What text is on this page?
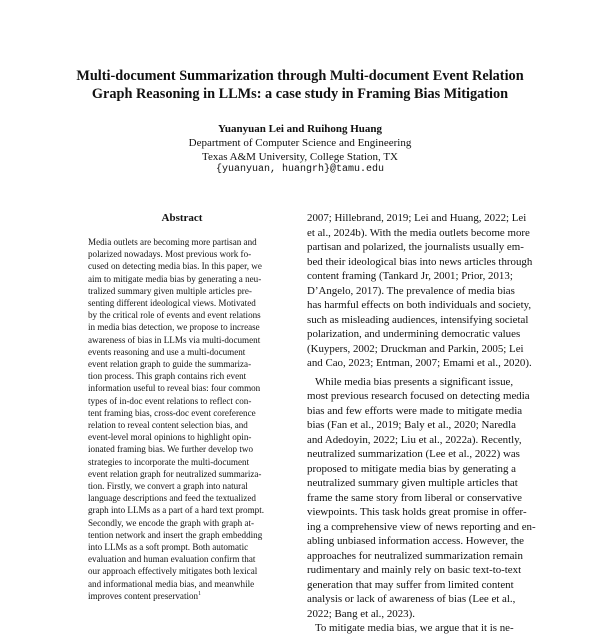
Multi-document Summarization through Multi-document Event Relation
Graph Reasoning in LLMs: a case study in Framing Bias Mitigation
Yuanyuan Lei and Ruihong Huang
Department of Computer Science and Engineering
Texas A&M University, College Station, TX
{yuanyuan, huangrh}@tamu.edu
Abstract
Media outlets are becoming more partisan and
polarized nowadays. Most previous work fo-
cused on detecting media bias. In this paper, we
aim to mitigate media bias by generating a neu-
tralized summary given multiple articles pre-
senting different ideological views. Motivated
by the critical role of events and event relations
in media bias detection, we propose to increase
awareness of bias in LLMs via multi-document
events reasoning and use a multi-document
event relation graph to guide the summariza-
tion process. This graph contains rich event
information useful to reveal bias: four common
types of in-doc event relations to reflect con-
tent framing bias, cross-doc event coreference
relation to reveal content selection bias, and
event-level moral opinions to highlight opin-
ionated framing bias. We further develop two
strategies to incorporate the multi-document
event relation graph for neutralized summariza-
tion. Firstly, we convert a graph into natural
language descriptions and feed the textualized
graph into LLMs as a part of a hard text prompt.
Secondly, we encode the graph with graph at-
tention network and insert the graph embedding
into LLMs as a soft prompt. Both automatic
evaluation and human evaluation confirm that
our approach effectively mitigates both lexical
and informational media bias, and meanwhile
improves content preservation$^1$
2007; Hillebrand, 2019; Lei and Huang, 2022; Lei
et al., 2024b). With the media outlets become more
partisan and polarized, the journalists usually em-
bed their ideological bias into news articles through
content framing (Tankard Jr, 2001; Prior, 2013;
D’Angelo, 2017). The prevalence of media bias
has harmful effects on both individuals and society,
such as misleading audiences, intensifying societal
polarization, and undermining democratic values
(Kuypers, 2002; Druckman and Parkin, 2005; Lei
and Cao, 2023; Entman, 2007; Emami et al., 2020).
While media bias presents a significant issue,
most previous research focused on detecting media
bias and few efforts were made to mitigate media
bias (Fan et al., 2019; Baly et al., 2020; Naredla
and Adedoyin, 2022; Liu et al., 2022a). Recently,
neutralized summarization (Lee et al., 2022) was
proposed to mitigate media bias by generating a
neutralized summary given multiple articles that
frame the same story from liberal or conservative
viewpoints. This task holds great promise in offer-
ing a comprehensive view of news reporting and en-
abling unbiased information access. However, the
approaches for neutralized summarization remain
rudimentary and mainly rely on basic text-to-text
generation that may suffer from limited content
analysis or lack of awareness of bias (Lee et al.,
2022; Bang et al., 2023).
To mitigate media bias, we argue that it is ne-
